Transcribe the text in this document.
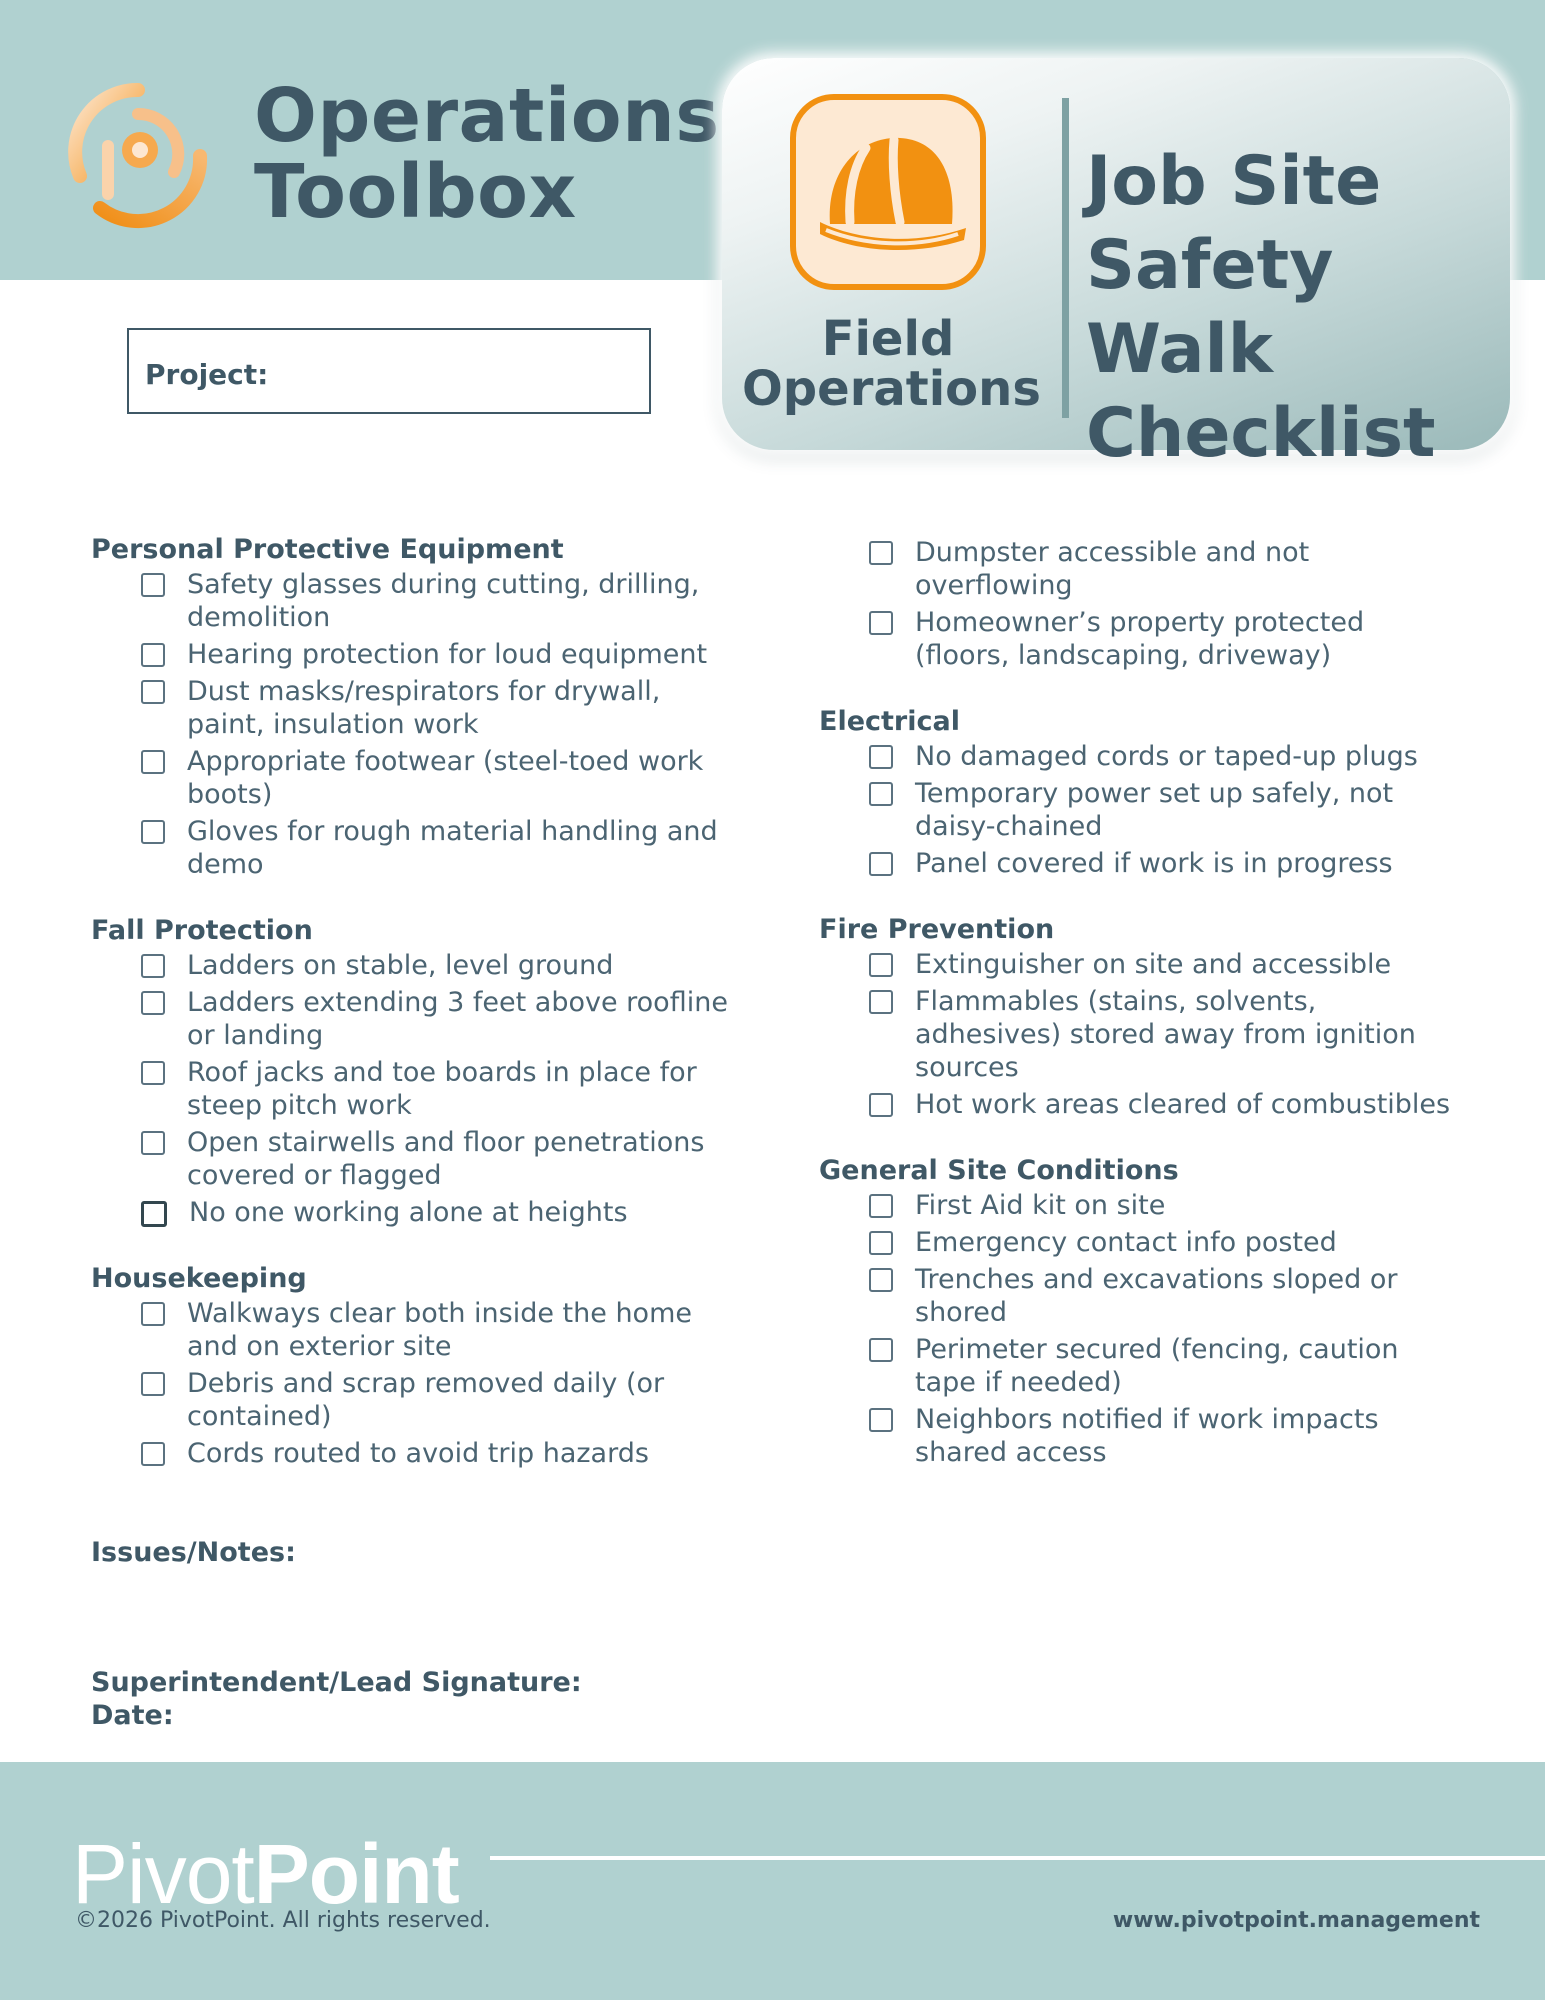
Operations
Toolbox
Field
Operations
Job Site
Safety Walk
Checklist
Project:
Personal Protective Equipment
Safety glasses during cutting, drilling, demolition
Hearing protection for loud equipment
Dust masks/respirators for drywall, paint, insulation work
Appropriate footwear (steel-toed work boots)
Gloves for rough material handling and demo
Fall Protection
Ladders on stable, level ground
Ladders extending 3 feet above roofline or landing
Roof jacks and toe boards in place for steep pitch work
Open stairwells and floor penetrations covered or flagged
No one working alone at heights
Housekeeping
Walkways clear both inside the home and on exterior site
Debris and scrap removed daily (or contained)
Cords routed to avoid trip hazards
Dumpster accessible and not overflowing
Homeowner’s property protected (floors, landscaping, driveway)
Electrical
No damaged cords or taped-up plugs
Temporary power set up safely, not daisy-chained
Panel covered if work is in progress
Fire Prevention
Extinguisher on site and accessible
Flammables (stains, solvents, adhesives) stored away from ignition sources
Hot work areas cleared of combustibles
General Site Conditions
First Aid kit on site
Emergency contact info posted
Trenches and excavations sloped or shored
Perimeter secured (fencing, caution tape if needed)
Neighbors notified if work impacts shared access
Issues/Notes:
Superintendent/Lead Signature:
Date:
PivotPoint
©2026 PivotPoint. All rights reserved.	www.pivotpoint.management
